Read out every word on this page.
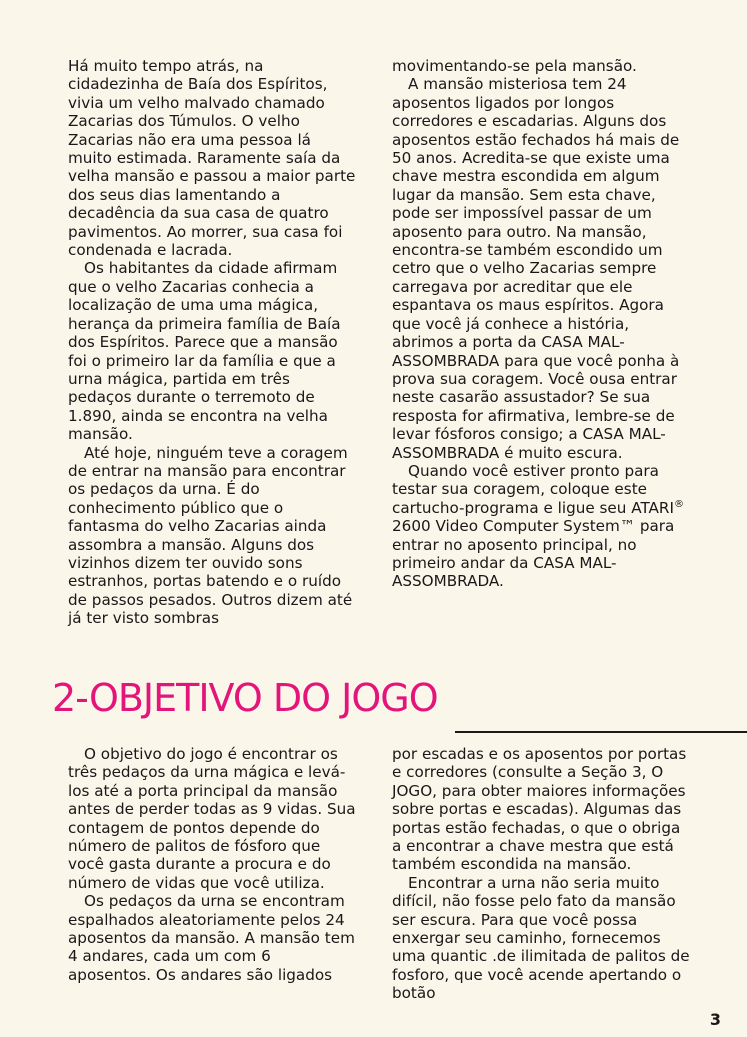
Há muito tempo atrás, na cidadezinha de Baía dos Espíritos, vivia um velho malvado chamado Zacarias dos Túmulos. O velho Zacarias não era uma pessoa lá muito estimada. Raramente saía da velha mansão e passou a maior parte dos seus dias lamentando a decadência da sua casa de quatro pavimentos. Ao morrer, sua casa foi condenada e lacrada.

Os habitantes da cidade afirmam que o velho Zacarias conhecia a localização de uma uma mágica, herança da primeira família de Baía dos Espíritos. Parece que a mansão foi o primeiro lar da família e que a urna mágica, partida em três pedaços durante o terremoto de 1.890, ainda se encontra na velha mansão.

Até hoje, ninguém teve a coragem de entrar na mansão para encontrar os pedaços da urna. É do conhecimento público que o fantasma do velho Zacarias ainda assombra a mansão. Alguns dos vizinhos dizem ter ouvido sons estranhos, portas batendo e o ruído de passos pesados. Outros dizem até já ter visto sombras

movimentando-se pela mansão.

A mansão misteriosa tem 24 aposentos ligados por longos corredores e escadarias. Alguns dos aposentos estão fechados há mais de 50 anos. Acredita-se que existe uma chave mestra escondida em algum lugar da mansão. Sem esta chave, pode ser impossível passar de um aposento para outro. Na mansão, encontra-se também escondido um cetro que o velho Zacarias sempre carregava por acreditar que ele espantava os maus espíritos. Agora que você já conhece a história, abrimos a porta da CASA MAL-ASSOMBRADA para que você ponha à prova sua coragem. Você ousa entrar neste casarão assustador? Se sua resposta for afirmativa, lembre-se de levar fósforos consigo; a CASA MAL-ASSOMBRADA é muito escura.

Quando você estiver pronto para testar sua coragem, coloque este cartucho-programa e ligue seu ATARI® 2600 Video Computer System™ para entrar no aposento principal, no primeiro andar da CASA MAL-ASSOMBRADA.

2-OBJETIVO DO JOGO

O objetivo do jogo é encontrar os três pedaços da urna mágica e levá-los até a porta principal da mansão antes de perder todas as 9 vidas. Sua contagem de pontos depende do número de palitos de fósforo que você gasta durante a procura e do número de vidas que você utiliza.

Os pedaços da urna se encontram espalhados aleatoriamente pelos 24 aposentos da mansão. A mansão tem 4 andares, cada um com 6 aposentos. Os andares são ligados

por escadas e os aposentos por portas e corredores (consulte a Seção 3, O JOGO, para obter maiores informações sobre portas e escadas). Algumas das portas estão fechadas, o que o obriga a encontrar a chave mestra que está também escondida na mansão.

Encontrar a urna não seria muito difícil, não fosse pelo fato da mansão ser escura. Para que você possa enxergar seu caminho, fornecemos uma quantic .de ilimitada de palitos de fosforo, que você acende apertando o botão

3
